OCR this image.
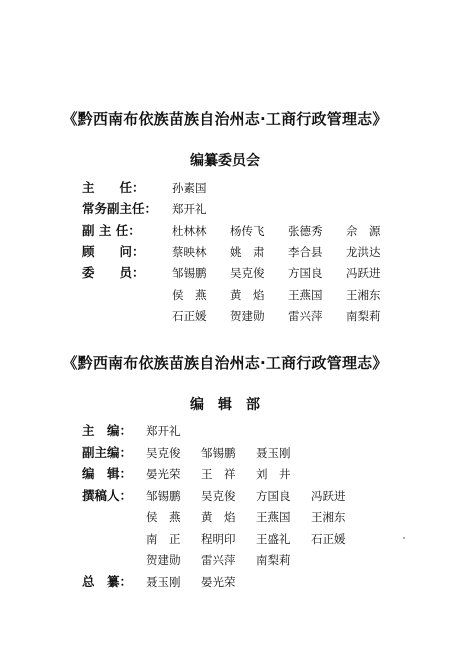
《黔西南布依族苗族自治州志·工商行政管理志》
编纂委员会
主　　任：	孙素国
常务副主任：	郑开礼
副 主 任：	杜林林 杨传飞 张德秀 佘　源
顾　　问：	蔡映林 姚　肃 李合县 龙洪达
委　　员：	邹锡鹏 吴克俊 方国良 冯跃进
侯　燕 黄　焰 王燕国 王湘东
石正媛 贺建勋 雷兴萍 南梨莉
《黔西南布依族苗族自治州志·工商行政管理志》
编　辑　部
主　编：	郑开礼
副主编：	吴克俊 邹锡鹏 聂玉刚
编　辑：	晏光荣 王　祥 刘　井
撰稿人：	邹锡鹏 吴克俊 方国良 冯跃进
侯　燕 黄　焰 王燕国 王湘东
南　正 程明印 王盛礼 石正媛
贺建勋 雷兴萍 南梨莉
总　纂：	聂玉刚 晏光荣
